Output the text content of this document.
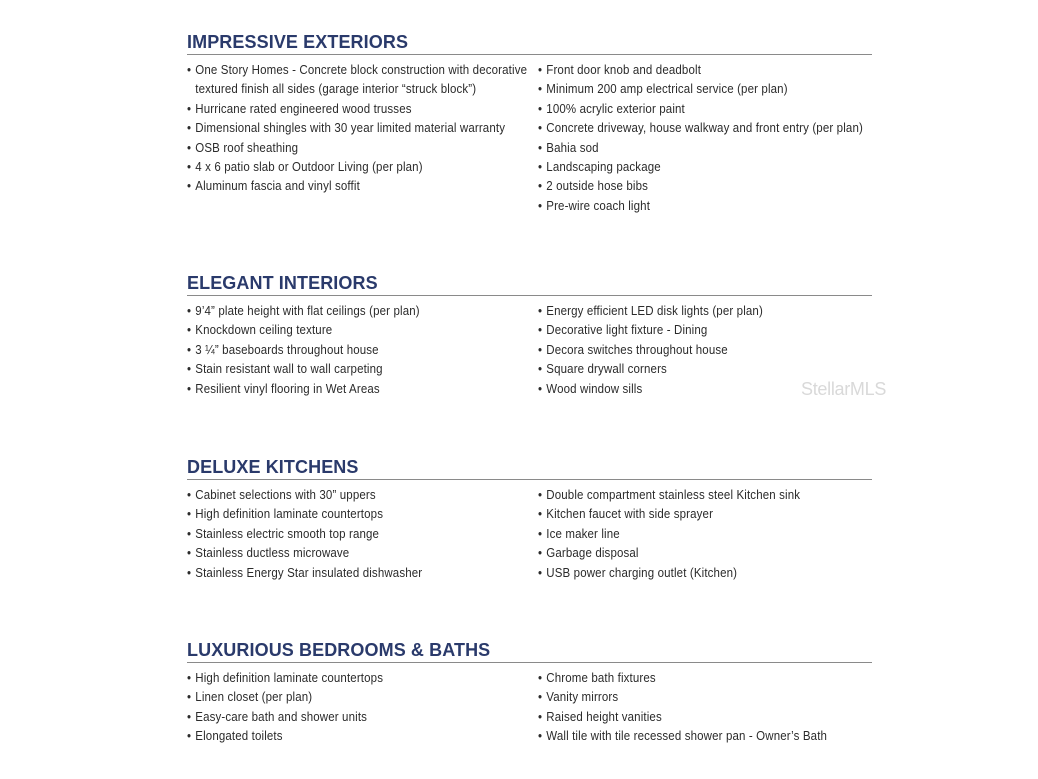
IMPRESSIVE EXTERIORS
• One Story Homes - Concrete block construction with decorative textured finish all sides (garage interior “struck block”)
• Hurricane rated engineered wood trusses
• Dimensional shingles with 30 year limited material warranty
• OSB roof sheathing
• 4 x 6 patio slab or Outdoor Living (per plan)
• Aluminum fascia and vinyl soffit
• Front door knob and deadbolt
• Minimum 200 amp electrical service (per plan)
• 100% acrylic exterior paint
• Concrete driveway, house walkway and front entry (per plan)
• Bahia sod
• Landscaping package
• 2 outside hose bibs
• Pre-wire coach light
ELEGANT INTERIORS
• 9’4” plate height with flat ceilings (per plan)
• Knockdown ceiling texture
• 3 ¼” baseboards throughout house
• Stain resistant wall to wall carpeting
• Resilient vinyl flooring in Wet Areas
• Energy efficient LED disk lights (per plan)
• Decorative light fixture - Dining
• Decora switches throughout house
• Square drywall corners
• Wood window sills
DELUXE KITCHENS
• Cabinet selections with 30” uppers
• High definition laminate countertops
• Stainless electric smooth top range
• Stainless ductless microwave
• Stainless Energy Star insulated dishwasher
• Double compartment stainless steel Kitchen sink
• Kitchen faucet with side sprayer
• Ice maker line
• Garbage disposal
• USB power charging outlet (Kitchen)
LUXURIOUS BEDROOMS & BATHS
• High definition laminate countertops
• Linen closet (per plan)
• Easy-care bath and shower units
• Elongated toilets
• Chrome bath fixtures
• Vanity mirrors
• Raised height vanities
• Wall tile with tile recessed shower pan - Owner’s Bath
StellarMLS
